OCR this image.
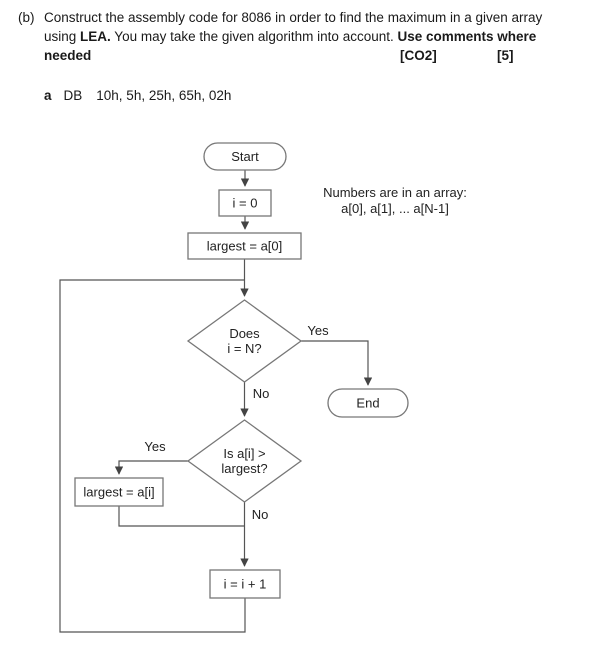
(b) Construct the assembly code for 8086 in order to find the maximum in a given array
using LEA. You may take the given algorithm into account. Use comments where
needed	[CO2]	[5]
a DB 10h, 5h, 25h, 65h, 02h
Start
i = 0
Numbers are in an array:
a[0], a[1], ... a[N-1]
largest = a[0]
Does
i = N?
Yes
No
End
Is a[i] >
largest?
Yes
No
largest = a[i]
i = i + 1
